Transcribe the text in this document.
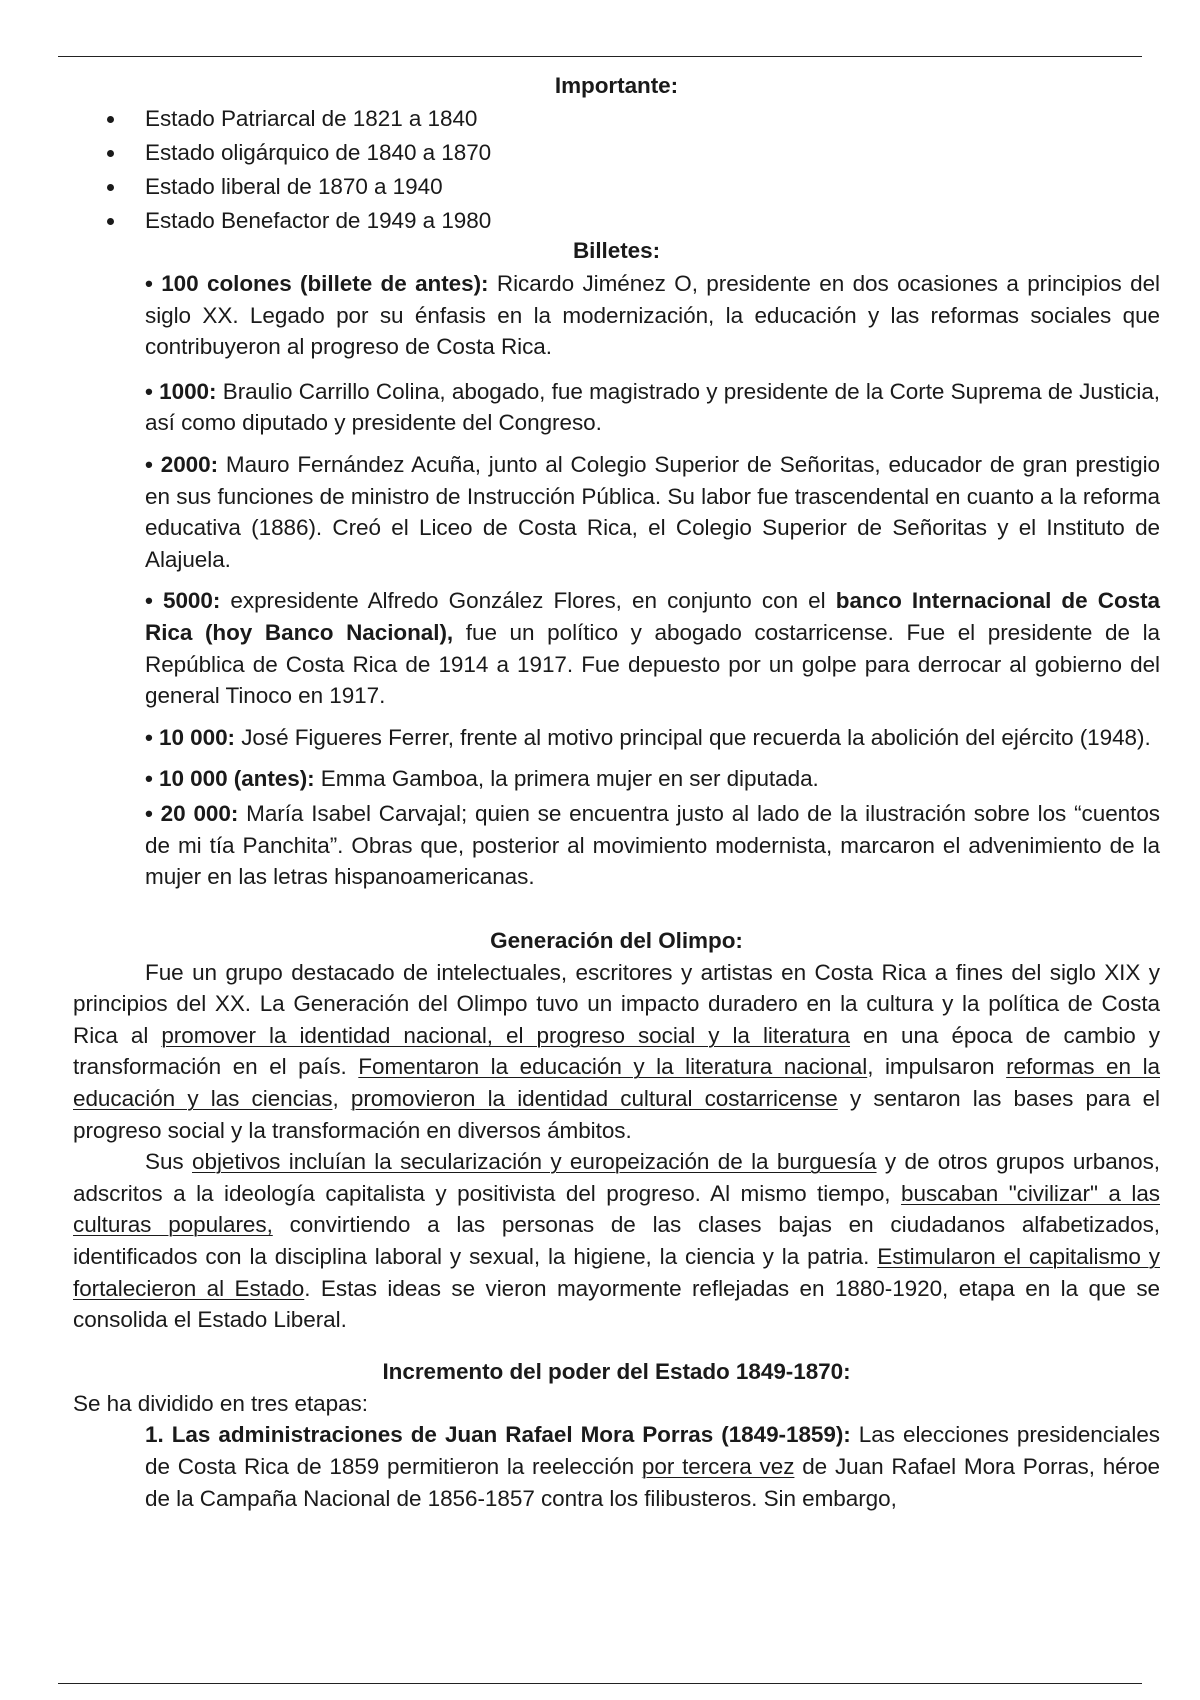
Importante:

Estado Patriarcal de 1821 a 1840
Estado oligárquico de 1840 a 1870
Estado liberal de 1870 a 1940
Estado Benefactor de 1949 a 1980

Billetes:

• 100 colones (billete de antes): Ricardo Jiménez O, presidente en dos ocasiones a principios del siglo XX. Legado por su énfasis en la modernización, la educación y las reformas sociales que contribuyeron al progreso de Costa Rica.

• 1000: Braulio Carrillo Colina, abogado, fue magistrado y presidente de la Corte Suprema de Justicia, así como diputado y presidente del Congreso.

• 2000: Mauro Fernández Acuña, junto al Colegio Superior de Señoritas, educador de gran prestigio en sus funciones de ministro de Instrucción Pública. Su labor fue trascendental en cuanto a la reforma educativa (1886). Creó el Liceo de Costa Rica, el Colegio Superior de Señoritas y el Instituto de Alajuela.

• 5000: expresidente Alfredo González Flores, en conjunto con el banco Internacional de Costa Rica (hoy Banco Nacional), fue un político y abogado costarricense. Fue el presidente de la República de Costa Rica de 1914 a 1917. Fue depuesto por un golpe para derrocar al gobierno del general Tinoco en 1917.

• 10 000: José Figueres Ferrer, frente al motivo principal que recuerda la abolición del ejército (1948).

• 10 000 (antes): Emma Gamboa, la primera mujer en ser diputada.

• 20 000: María Isabel Carvajal; quien se encuentra justo al lado de la ilustración sobre los “cuentos de mi tía Panchita”. Obras que, posterior al movimiento modernista, marcaron el advenimiento de la mujer en las letras hispanoamericanas.

Generación del Olimpo:

Fue un grupo destacado de intelectuales, escritores y artistas en Costa Rica a fines del siglo XIX y principios del XX. La Generación del Olimpo tuvo un impacto duradero en la cultura y la política de Costa Rica al promover la identidad nacional, el progreso social y la literatura en una época de cambio y transformación en el país. Fomentaron la educación y la literatura nacional, impulsaron reformas en la educación y las ciencias, promovieron la identidad cultural costarricense y sentaron las bases para el progreso social y la transformación en diversos ámbitos.

Sus objetivos incluían la secularización y europeización de la burguesía y de otros grupos urbanos, adscritos a la ideología capitalista y positivista del progreso. Al mismo tiempo, buscaban "civilizar" a las culturas populares, convirtiendo a las personas de las clases bajas en ciudadanos alfabetizados, identificados con la disciplina laboral y sexual, la higiene, la ciencia y la patria. Estimularon el capitalismo y fortalecieron al Estado. Estas ideas se vieron mayormente reflejadas en 1880-1920, etapa en la que se consolida el Estado Liberal.

Incremento del poder del Estado 1849-1870:

Se ha dividido en tres etapas:

1. Las administraciones de Juan Rafael Mora Porras (1849-1859): Las elecciones presidenciales de Costa Rica de 1859 permitieron la reelección por tercera vez de Juan Rafael Mora Porras, héroe de la Campaña Nacional de 1856-1857 contra los filibusteros. Sin embargo,
